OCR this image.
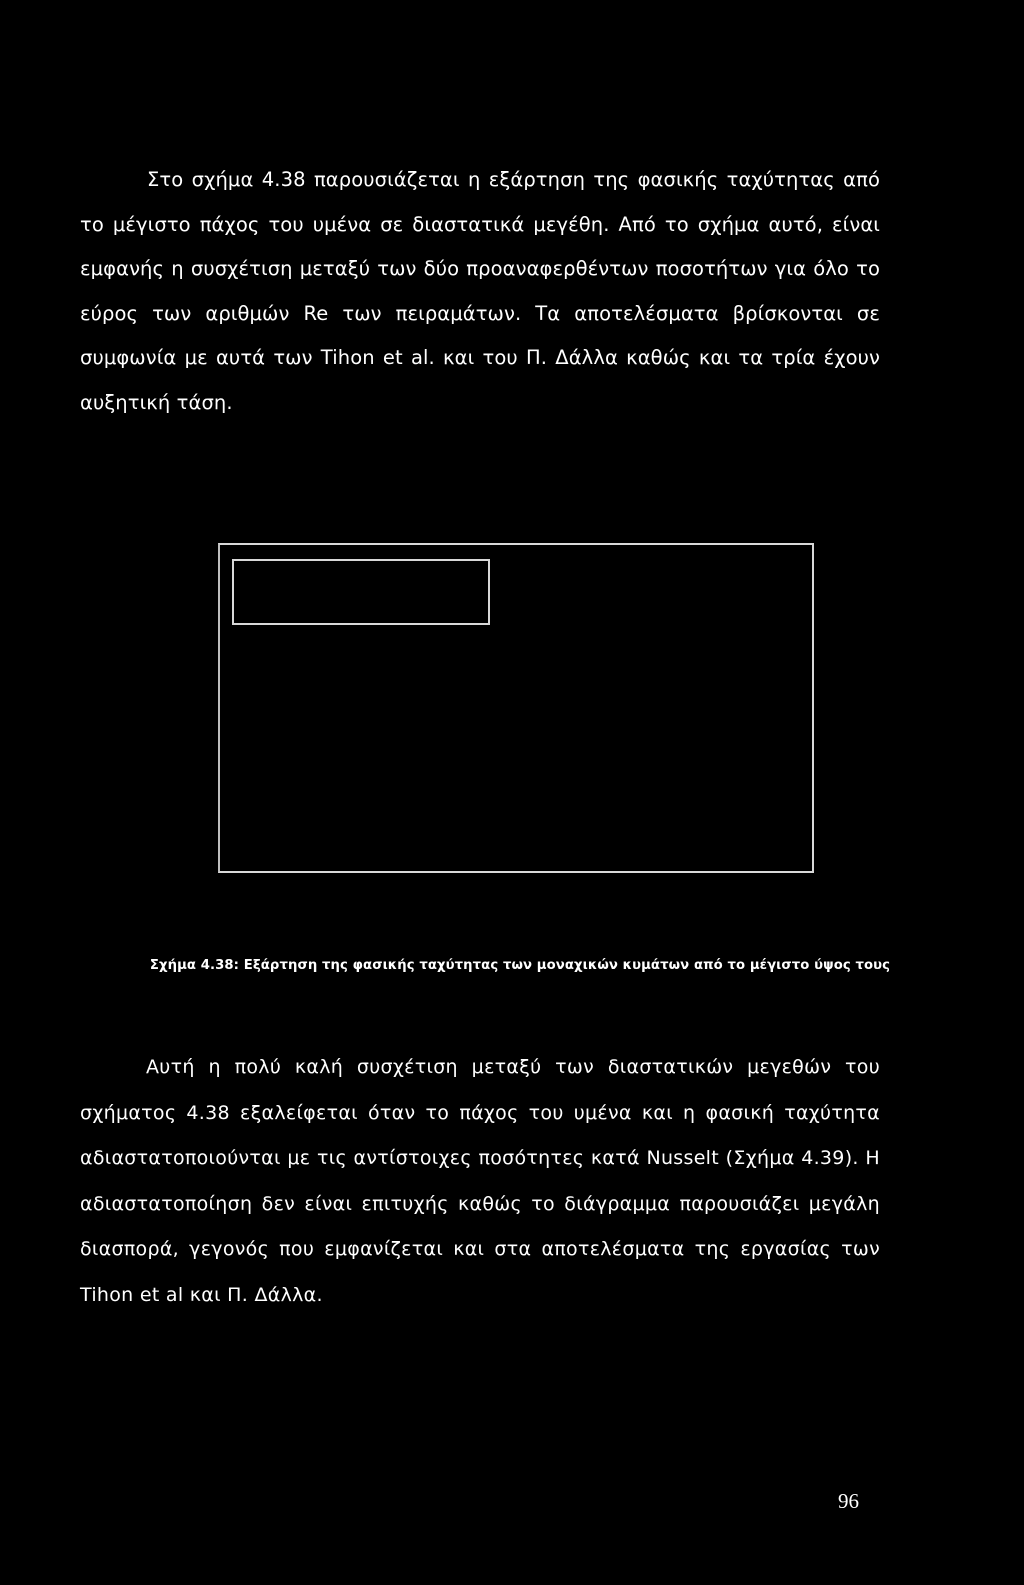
Στο σχήμα 4.38 παρουσιάζεται η εξάρτηση της φασικής ταχύτητας από το μέγιστο πάχος του υμένα σε διαστατικά μεγέθη. Από το σχήμα αυτό, είναι εμφανής η συσχέτιση μεταξύ των δύο προαναφερθέντων ποσοτήτων για όλο το εύρος των αριθμών Re των πειραμάτων. Τα αποτελέσματα βρίσκονται σε συμφωνία με αυτά των Tihon et al. και του Π. Δάλλα καθώς και τα τρία έχουν αυξητική τάση.

Σχήμα 4.38: Εξάρτηση της φασικής ταχύτητας των μοναχικών κυμάτων από το μέγιστο ύψος τους

Αυτή η πολύ καλή συσχέτιση μεταξύ των διαστατικών μεγεθών του σχήματος 4.38 εξαλείφεται όταν το πάχος του υμένα και η φασική ταχύτητα αδιαστατοποιούνται με τις αντίστοιχες ποσότητες κατά Nusselt (Σχήμα 4.39). Η αδιαστατοποίηση δεν είναι επιτυχής καθώς το διάγραμμα παρουσιάζει μεγάλη διασπορά, γεγονός που εμφανίζεται και στα αποτελέσματα της εργασίας των Tihon et al και Π. Δάλλα.

96
